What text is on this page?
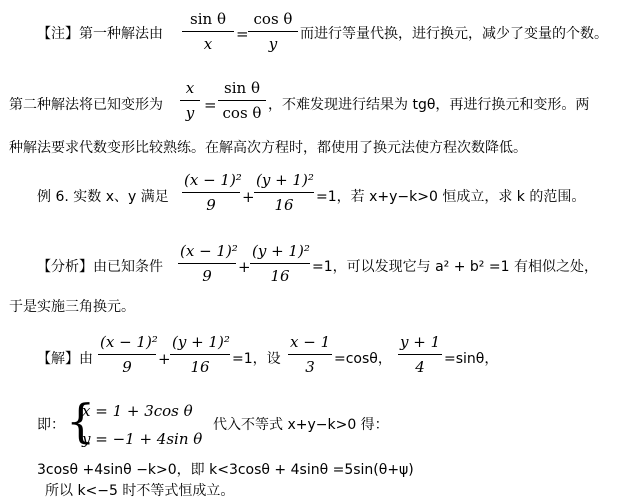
【注】第一种解法由
sin θ
x
=
cos θ
y
而进行等量代换，进行换元，减少了变量的个数。
第二种解法将已知变形为
x
y =
sin θ
cos θ ，不难发现进行结果为 tgθ，再进行换元和变形。两
种解法要求代数变形比较熟练。在解高次方程时，都使用了换元法使方程次数降低。
例 6. 实数 x、y 满足
(x − 1)²
9	+
(y + 1)²
16	=1，若 x+y−k>0 恒成立，求 k 的范围。
【分析】由已知条件
(x − 1)²
9	+
(y + 1)²
16	=1，可以发现它与 a² + b² =1 有相似之处，
于是实施三角换元。
【解】由
(x − 1)²
9	+
(y + 1)²
16	=1，设
x − 1
3	=cosθ，
y + 1
4	=sinθ，
即： {
x = 1 + 3cos θ
y = −1 + 4sin θ
代入不等式 x+y−k>0 得：
3cosθ +4sinθ −k>0，即 k<3cosθ + 4sinθ =5sin(θ+ψ)
所以 k<−5 时不等式恒成立。
